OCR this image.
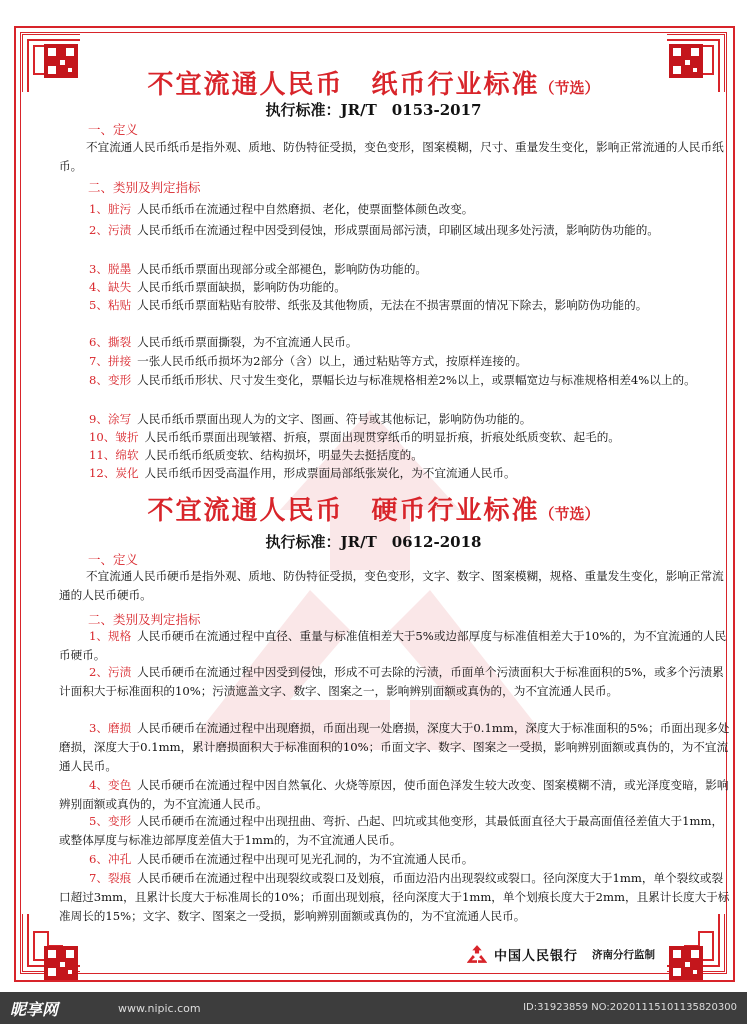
不宜流通人民币　纸币行业标准（节选）
执行标准：JR/T　0153-2017
一、定义
不宜流通人民币纸币是指外观、质地、防伪特征受损，变色变形，图案模糊，尺寸、重量发生变化，影响正常流通的人民币纸币。
二、类别及判定指标
1、脏污 人民币纸币在流通过程中自然磨损、老化，使票面整体颜色改变。
2、污渍 人民币纸币在流通过程中因受到侵蚀，形成票面局部污渍，印刷区域出现多处污渍，影响防伪功能的。
3、脱墨 人民币纸币票面出现部分或全部褪色，影响防伪功能的。
4、缺失 人民币纸币票面缺损，影响防伪功能的。
5、粘贴 人民币纸币票面粘贴有胶带、纸张及其他物质，无法在不损害票面的情况下除去，影响防伪功能的。
6、撕裂 人民币纸币票面撕裂，为不宜流通人民币。
7、拼接 一张人民币纸币损坏为2部分（含）以上，通过粘贴等方式，按原样连接的。
8、变形 人民币纸币形状、尺寸发生变化，票幅长边与标准规格相差2%以上，或票幅宽边与标准规格相差4%以上的。
9、涂写 人民币纸币票面出现人为的文字、图画、符号或其他标记，影响防伪功能的。
10、皱折 人民币纸币票面出现皱褶、折痕，票面出现贯穿纸币的明显折痕，折痕处纸质变软、起毛的。
11、绵软 人民币纸币纸质变软、结构损坏，明显失去挺括度的。
12、炭化 人民币纸币因受高温作用，形成票面局部纸张炭化，为不宜流通人民币。
不宜流通人民币　硬币行业标准（节选）
执行标准：JR/T　0612-2018
一、定义
不宜流通人民币硬币是指外观、质地、防伪特征受损，变色变形，文字、数字、图案模糊，规格、重量发生变化，影响正常流通的人民币硬币。
二、类别及判定指标
1、规格 人民币硬币在流通过程中直径、重量与标准值相差大于5%或边部厚度与标准值相差大于10%的，为不宜流通的人民币硬币。
2、污渍 人民币硬币在流通过程中因受到侵蚀，形成不可去除的污渍，币面单个污渍面积大于标准面积的5%，或多个污渍累计面积大于标准面积的10%；污渍遮盖文字、数字、图案之一，影响辨别面额或真伪的，为不宜流通人民币。
3、磨损 人民币硬币在流通过程中出现磨损，币面出现一处磨损，深度大于0.1mm，深度大于标准面积的5%；币面出现多处磨损，深度大于0.1mm，累计磨损面积大于标准面积的10%；币面文字、数字、图案之一受损，影响辨别面额或真伪的，为不宜流通人民币。
4、变色 人民币硬币在流通过程中因自然氧化、火烧等原因，使币面色泽发生较大改变、图案模糊不清，或光泽度变暗，影响辨别面额或真伪的，为不宜流通人民币。
5、变形 人民币硬币在流通过程中出现扭曲、弯折、凸起、凹坑或其他变形，其最低面直径大于最高面值径差值大于1mm，或整体厚度与标准边部厚度差值大于1mm的，为不宜流通人民币。
6、冲孔 人民币硬币在流通过程中出现可见光孔洞的，为不宜流通人民币。
7、裂痕 人民币硬币在流通过程中出现裂纹或裂口及划痕，币面边沿内出现裂纹或裂口。径向深度大于1mm，单个裂纹或裂口超过3mm，且累计长度大于标准周长的10%；币面出现划痕，径向深度大于1mm，单个划痕长度大于2mm，且累计长度大于标准周长的15%；文字、数字、图案之一受损，影响辨别面额或真伪的，为不宜流通人民币。
中国人民银行 济南分行监制
昵享网	www.nipic.com	ID:31923859 NO:20201115101135820300
